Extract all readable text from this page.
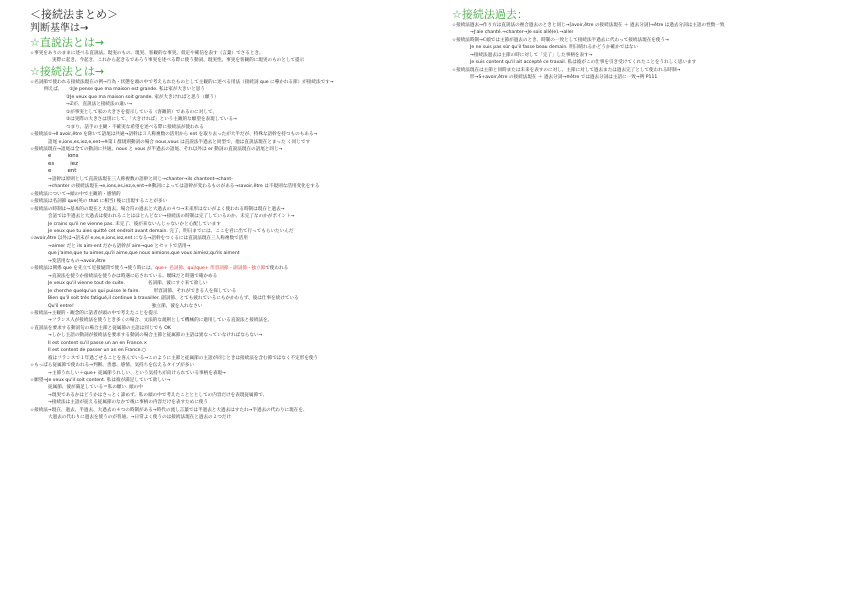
＜接続法まとめ＞
判断基準は→
☆直説法とは→
☆事実をありのままに述べる直説法。現実のもの、現実、客観的な事実。仮定や確信を表す（言葉）でさるとき。
実際に起き、今起き、これから起きるであろう事実を述べる際に使う動詞、現実性。事実を客観的に現実のものとして提示
☆接続法とは→
☆名詞節で使われる接続法現在の例→行為・状態を頭の中で考えられたものとして主観的に述べる用法（接続詞 que に導かれる節）が接続法です→
例えば、　　①Je pense que ma maison est grande. 私は家が大きいと思う
②Je veux que ma maison soit grande. 家が大きければと思う（願う）
→ℤが、直説法と接続法の違い→
①が事実として家の大きさを提示している（客観的）であるのに対して、
②は実際の大きさは別にして、「大きければ」という主観的な願望を表現している→
つまり、話手の主観・不確実な希望を述べる際に接続法が使われる
☆接続法①→Ⅱ avoir,être を除いて語尾は共通→語幹は３人称複数の活用から ent を取り去ったが大半だが、特殊な語幹を持つものもある→
語尾 e,ions,es,iez,e,ent→※第１群規則動詞の場合 nous,vous は直説法半過去と同型で、他は直説法現在とまった く同じです
☆接続法現在→語尾は全ての動詞に共通。nous と vous が半過去の語尾、それ以外は er 動詞の直説法現在の語尾と同じ→
e　　　ions
es　　　iez
e　　　ent
→語幹は原則として直説法現在三人称複数の語幹と同じ→chanter→ils chantent→chant-
→chanter の接続法現在→e,ions,es,iez,e,ent→※動詞によっては語幹が変わるものがある→savoir,être は不規則な活用変化をする
☆接続法について→頭の中で主観的・感情的
☆接続法は名詞節 que(英の that に相当) 後に出現することが多い
☆接続法の時制は→基本的の現在と大過去。場合符の過去と大過去の４つ→未来形はないがよく使われる時制は現在と過去→
会話では半過去と大過去は使われることはほとんどない→接続法の時制は完了しているのか、未完了なのかがポイント→
Je crains qu'il ne vienne pas. 未完了、彼が来ないんじゃないかと心配しています
Je veux que tu aies quitté cet endroit avant demain. 完了、明日までには、ここを君に出て行ってもらいたいんだ
☆avoir,être 以外は→語末が e,es,e,ions,iez,ent になる→語幹をつくるには直説法現在三人称複数で活用
→aimer だと ils aim-ent だから語幹が aim→que とセットで活用→
que j'aime,que tu aimes,qu'il aime,que nous aimions,que vous aimiez,qu'ils aiment
→変活用なもの→avoir,être
☆接続法は関係 que を先立て近接疑問で使う→使う時には、que+ 名詞節、qui/que+ 形容詞節・副詞節・独立節で使われる
→直説法を使うか接続法を使うかは時遇に応されている。曖昧だと時遇で確かめる
Je veux qu'il vienne tout de suite.　　　　　名詞節、彼にすぐ来て欲しい
Je cherche quelqu'un qui puisse le faire.　　　形容詞節、それができる人を探している
Bien qu'il soit très fatigué,il continue à travailler. 副詞節、とても疲れているにもかかわらず、彼は仕事を続けている
Qu'il entre!　　　　　　　　　　　　　　　　　独立節、彼を入れなさい
☆接続法→主観的・観念的に話者が頭の中で考えたことを提示
→フランス人が接続法を使うとき多くの場合、文法的な規則として機械的に適用している直説法と接続法を。
☆直説法を要求する動詞句の場合主節と従属節の主語は同じでも OK
→しかし主語の動詞が接続法を要求する動詞の場合主節と従属節の主語は異なっていなければならない→
Il est content su'il passe un an en France.×
Il est content de passer un an en France.○
彼はフランスで１年過ごせることを喜んでいる→このように主節と従属節の主語が同じときは接続法を含む節ではなく不定形を使う
☆もっぱら従属節で使われる→判断、善悪、感情、気持ちを伝えるタイプが多い
→主節うれしい＋que+ 従属節うれしい、という気持ちが向けられている事柄を表現→
☆願望→Je veux qu'il soit content. 私は彼が満足していて欲しい→
従属節、彼が満足している＝私の願い. 頭の中
→現実であるかはどうかはさっとく諦めず。私の頭の中で考えたことととしての内容だけを表現従属節で、
→接続法は主語が従える従属節のなかで後に事柄の内容だけを表すために使う
☆接続法→現在、過去、半過去、大過去の４つの時制がある→時代の流し言葉では半過去と大過去はすたれ→半過去の代わりに現在を、
大過去の代わりに過去を使うのが普通。→日常よく使うのは接続法現在と過去の２つだけ
☆接続法過去：
☆接続法過去→作り方は直説法の複合過去のときと同じ→[avoir,être の接続法現在 ＋ 過去分詞]→être は過去分詞は主語の性数一致
→J'aie chanté.→chanter→Je sois allé(e).→aller
☆接続法時制→ℂ頭では主節が過去のとき、時制の一致として接続法半過去に代わって接続法現在を使う→
Je ne suis pas sûr qu'il fasse beau demain. 明日晴れるかどうか確かではない
→接続法過去は主節の時に対して「完了」した事柄を表す→
Je suis content qu'il ait accepté ce travail. 私は彼がこの仕事を引き受けてくれたことをうれしく思います
☆接続法現在は主節と同時または未来を表すのに対し、主節に対して過去または過去完了として使われる時制→
形→S+avoir,être の接続法現在 ＋ 過去分詞→※être では過去分詞は主語に一致→例 P111
